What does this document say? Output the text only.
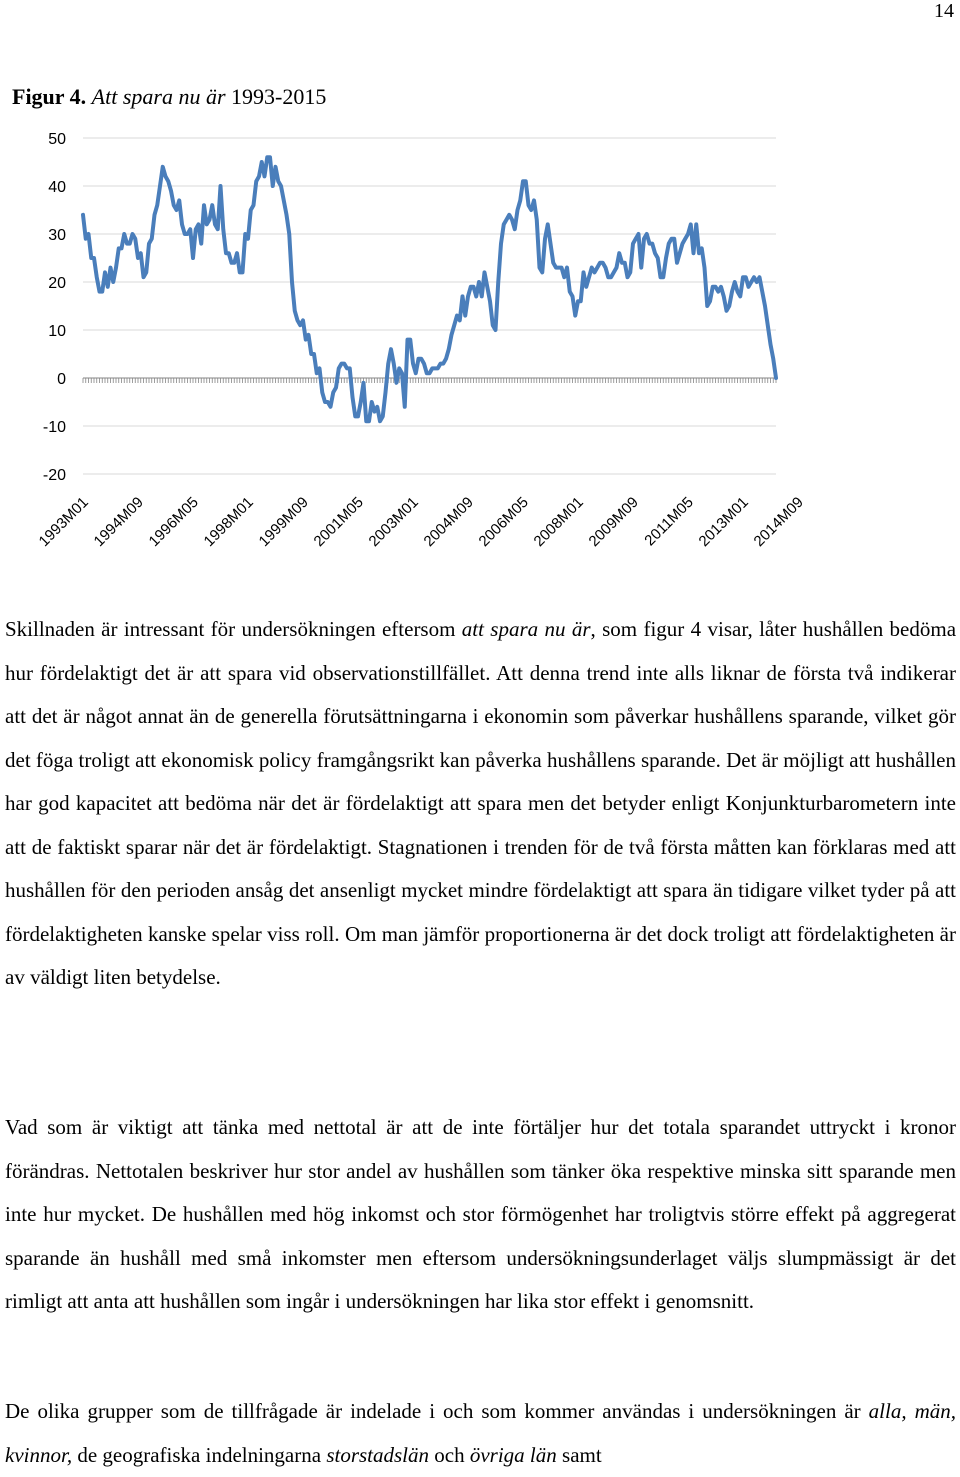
14
Figur 4. Att spara nu är 1993-2015
50
40
30
20
10
0
-10
-20
1993M01
1994M09
1996M05
1998M01
1999M09
2001M05
2003M01
2004M09
2006M05
2008M01
2009M09 2011M05
2013M01
2014M09

Skillnaden är intressant för undersökningen eftersom att spara nu är, som figur 4 visar, låter hushållen bedöma hur fördelaktigt det är att spara vid observationstillfället. Att denna trend inte alls liknar de första två indikerar att det är något annat än de generella förutsättningarna i ekonomin som påverkar hushållens sparande, vilket gör det föga troligt att ekonomisk policy framgångsrikt kan påverka hushållens sparande. Det är möjligt att hushållen har god kapacitet att bedöma när det är fördelaktigt att spara men det betyder enligt Konjunkturbarometern inte att de faktiskt sparar när det är fördelaktigt. Stagnationen i trenden för de två första måtten kan förklaras med att hushållen för den perioden ansåg det ansenligt mycket mindre fördelaktigt att spara än tidigare vilket tyder på att fördelaktigheten kanske spelar viss roll. Om man jämför proportionerna är det dock troligt att fördelaktigheten är av väldigt liten betydelse.

Vad som är viktigt att tänka med nettotal är att de inte förtäljer hur det totala sparandet uttryckt i kronor förändras. Nettotalen beskriver hur stor andel av hushållen som tänker öka respektive minska sitt sparande men inte hur mycket. De hushållen med hög inkomst och stor förmögenhet har troligtvis större effekt på aggregerat sparande än hushåll med små inkomster men eftersom undersökningsunderlaget väljs slumpmässigt är det rimligt att anta att hushållen som ingår i undersökningen har lika stor effekt i genomsnitt.

De olika grupper som de tillfrågade är indelade i och som kommer användas i undersökningen är alla, män, kvinnor, de geografiska indelningarna storstadslän och övriga län samt
